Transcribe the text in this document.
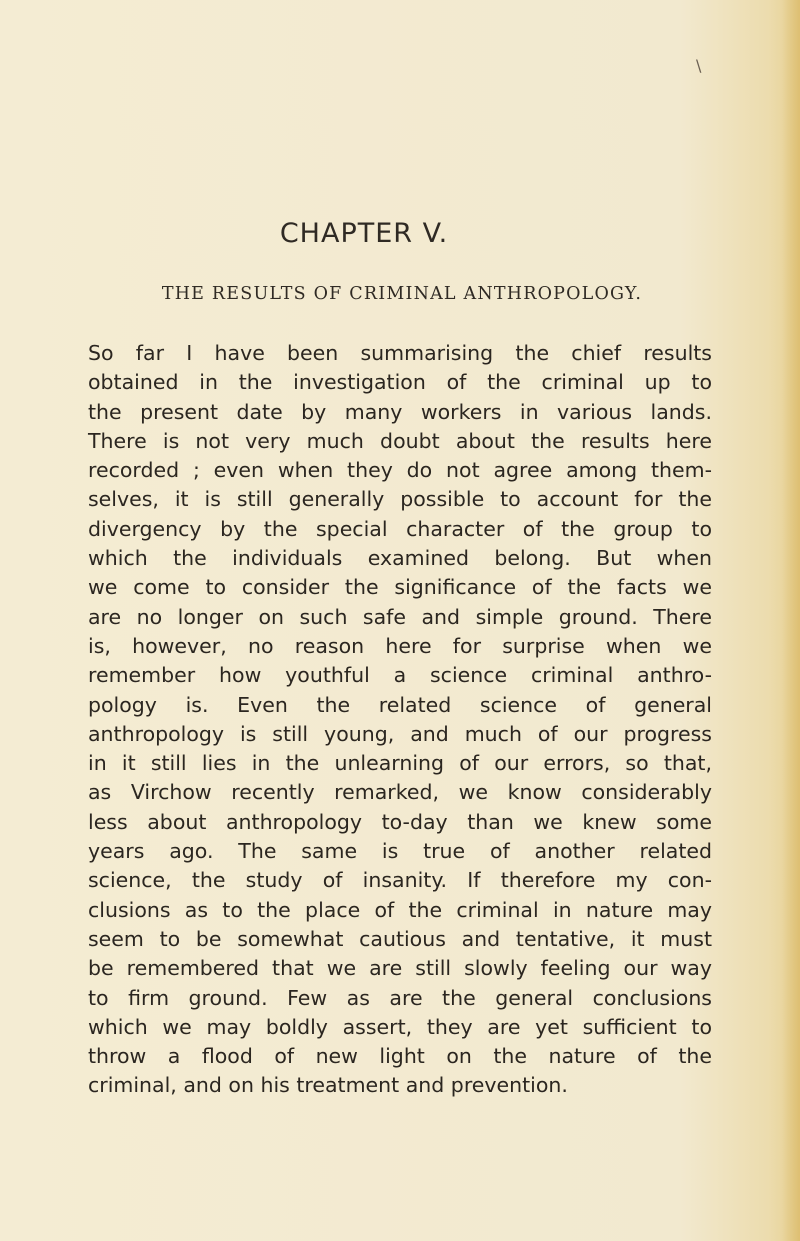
\
CHAPTER V.
THE RESULTS OF CRIMINAL ANTHROPOLOGY.
So far I have been summarising the chief results
obtained in the investigation of the criminal up to
the present date by many workers in various lands.
There is not very much doubt about the results here
recorded ; even when they do not agree among them-
selves, it is still generally possible to account for the
divergency by the special character of the group to
which the individuals examined belong. But when
we come to consider the significance of the facts we
are no longer on such safe and simple ground. There
is, however, no reason here for surprise when we
remember how youthful a science criminal anthro-
pology is. Even the related science of general
anthropology is still young, and much of our progress
in it still lies in the unlearning of our errors, so that,
as Virchow recently remarked, we know considerably
less about anthropology to-day than we knew some
years ago. The same is true of another related
science, the study of insanity. If therefore my con-
clusions as to the place of the criminal in nature may
seem to be somewhat cautious and tentative, it must
be remembered that we are still slowly feeling our way
to firm ground. Few as are the general conclusions
which we may boldly assert, they are yet sufficient to
throw a flood of new light on the nature of the
criminal, and on his treatment and prevention.
